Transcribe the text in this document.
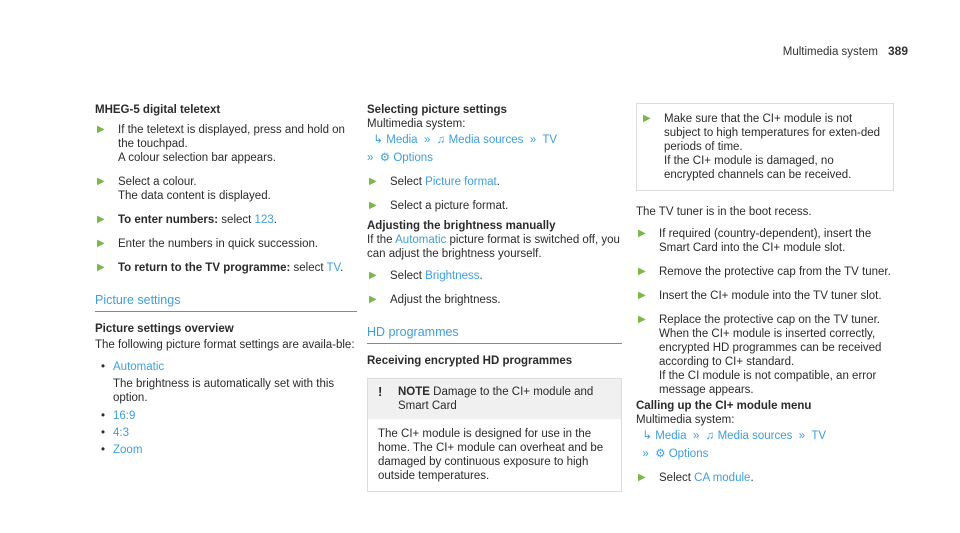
Multimedia system 389
MHEG-5 digital teletext
▶ If the teletext is displayed, press and hold on the touchpad.
A colour selection bar appears.
▶ Select a colour.
The data content is displayed.
▶ To enter numbers: select 123.
▶ Enter the numbers in quick succession.
▶ To return to the TV programme: select TV.
Picture settings
Picture settings overview

The following picture format settings are availa-ble:

• Automatic
The brightness is automatically set with this option.
• 16:9
• 4:3
• Zoom
Selecting picture settings
Multimedia system:
↳ Media  »  ♫ Media sources  »  TV
»  ⚙ Options
▶ Select Picture format.
▶ Select a picture format.
Adjusting the brightness manually

If the Automatic picture format is switched off, you can adjust the brightness yourself.

▶ Select Brightness.
▶ Adjust the brightness.
HD programmes
Receiving encrypted HD programmes
! NOTE Damage to the CI+ module and Smart Card
The CI+ module is designed for use in the home. The CI+ module can overheat and be damaged by continuous exposure to high outside temperatures.
▶ Make sure that the CI+ module is not subject to high temperatures for exten-ded periods of time.
If the CI+ module is damaged, no encrypted channels can be received.

The TV tuner is in the boot recess.

▶ If required (country-dependent), insert the Smart Card into the CI+ module slot.
▶ Remove the protective cap from the TV tuner.
▶ Insert the CI+ module into the TV tuner slot.
▶ Replace the protective cap on the TV tuner.
When the CI+ module is inserted correctly, encrypted HD programmes can be received according to CI+ standard.
If the CI module is not compatible, an error message appears.
Calling up the CI+ module menu
Multimedia system:
↳ Media  »  ♫ Media sources  »  TV
»  ⚙ Options
▶ Select CA module.
